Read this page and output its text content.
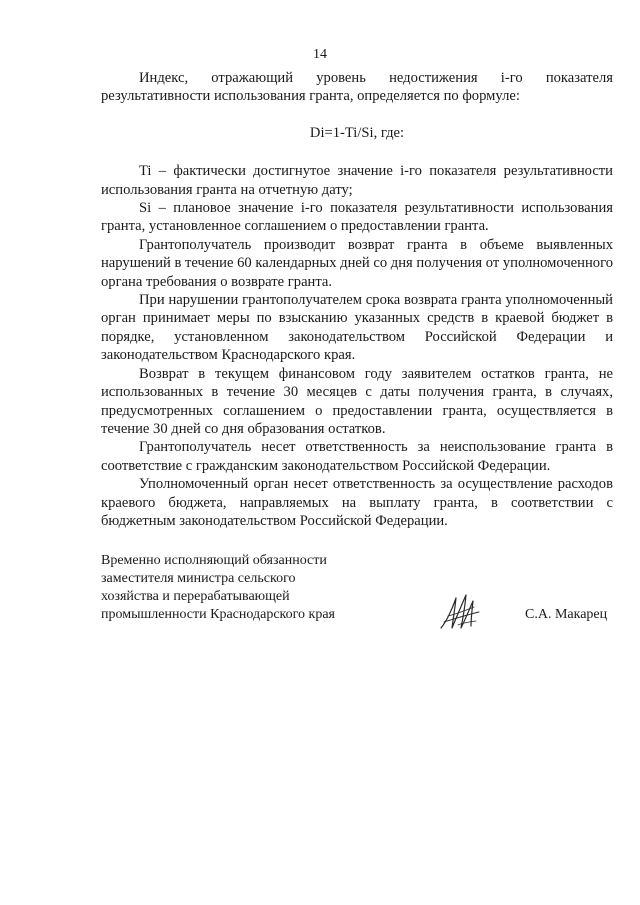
14

Индекс, отражающий уровень недостижения i-го показателя результативности использования гранта, определяется по формуле:

Di=1-Ti/Si, где:

Ti – фактически достигнутое значение i-го показателя результативности использования гранта на отчетную дату;

Si – плановое значение i-го показателя результативности использования гранта, установленное соглашением о предоставлении гранта.

Грантополучатель производит возврат гранта в объеме выявленных нарушений в течение 60 календарных дней со дня получения от уполномоченного органа требования о возврате гранта.

При нарушении грантополучателем срока возврата гранта уполномоченный орган принимает меры по взысканию указанных средств в краевой бюджет в порядке, установленном законодательством Российской Федерации и законодательством Краснодарского края.

Возврат в текущем финансовом году заявителем остатков гранта, не использованных в течение 30 месяцев с даты получения гранта, в случаях, предусмотренных соглашением о предоставлении гранта, осуществляется в течение 30 дней со дня образования остатков.

Грантополучатель несет ответственность за неиспользование гранта в соответствие с гражданским законодательством Российской Федерации.

Уполномоченный орган несет ответственность за осуществление расходов краевого бюджета, направляемых на выплату гранта, в соответствии с бюджетным законодательством Российской Федерации.

Временно исполняющий обязанности
заместителя министра сельского
хозяйства и перерабатывающей
промышленности Краснодарского края	С.А. Макарец
